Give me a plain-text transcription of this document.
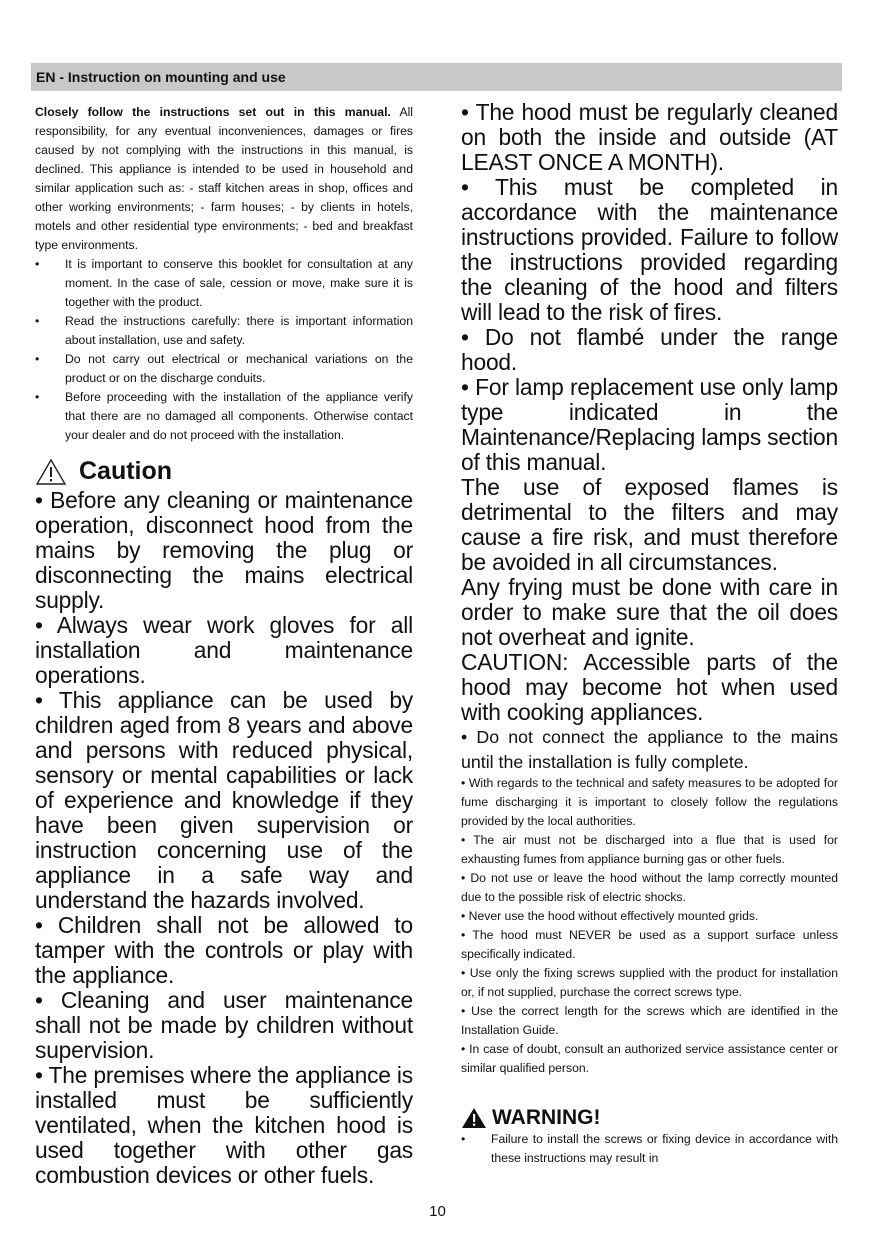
EN - Instruction on mounting and use

Closely follow the instructions set out in this manual. All responsibility, for any eventual inconveniences, damages or fires caused by not complying with the instructions in this manual, is declined. This appliance is intended to be used in household and similar application such as: - staff kitchen areas in shop, offices and other working environments; - farm houses; - by clients in hotels, motels and other residential type environments; - bed and breakfast type environments.

• It is important to conserve this booklet for consultation at any moment. In the case of sale, cession or move, make sure it is together with the product.
• Read the instructions carefully: there is important information about installation, use and safety.
• Do not carry out electrical or mechanical variations on the product or on the discharge conduits.
• Before proceeding with the installation of the appliance verify that there are no damaged all components. Otherwise contact your dealer and do not proceed with the installation.
Caution

• Before any cleaning or maintenance operation, disconnect hood from the mains by removing the plug or disconnecting the mains electrical supply.

• Always wear work gloves for all installation and maintenance operations.

• This appliance can be used by children aged from 8 years and above and persons with reduced physical, sensory or mental capabilities or lack of experience and knowledge if they have been given supervision or instruction concerning use of the appliance in a safe way and understand the hazards involved.

• Children shall not be allowed to tamper with the controls or play with the appliance.

• Cleaning and user maintenance shall not be made by children without supervision.

• The premises where the appliance is installed must be sufficiently ventilated, when the kitchen hood is used together with other gas combustion devices or other fuels.

• The hood must be regularly cleaned on both the inside and outside (AT LEAST ONCE A MONTH).

• This must be completed in accordance with the maintenance instructions provided. Failure to follow the instructions provided regarding the cleaning of the hood and filters will lead to the risk of fires.

• Do not flambé under the range hood.

• For lamp replacement use only lamp type indicated in the Maintenance/Replacing lamps section of this manual.

The use of exposed flames is detrimental to the filters and may cause a fire risk, and must therefore be avoided in all circumstances.

Any frying must be done with care in order to make sure that the oil does not overheat and ignite.

CAUTION: Accessible parts of the hood may become hot when used with cooking appliances.

• Do not connect the appliance to the mains until the installation is fully complete.

• With regards to the technical and safety measures to be adopted for fume discharging it is important to closely follow the regulations provided by the local authorities.

• The air must not be discharged into a flue that is used for exhausting fumes from appliance burning gas or other fuels.

• Do not use or leave the hood without the lamp correctly mounted due to the possible risk of electric shocks.

• Never use the hood without effectively mounted grids.

• The hood must NEVER be used as a support surface unless specifically indicated.

• Use only the fixing screws supplied with the product for installation or, if not supplied, purchase the correct screws type.

• Use the correct length for the screws which are identified in the Installation Guide.

• In case of doubt, consult an authorized service assistance center or similar qualified person.

WARNING!
• Failure to install the screws or fixing device in accordance with these instructions may result in
10
